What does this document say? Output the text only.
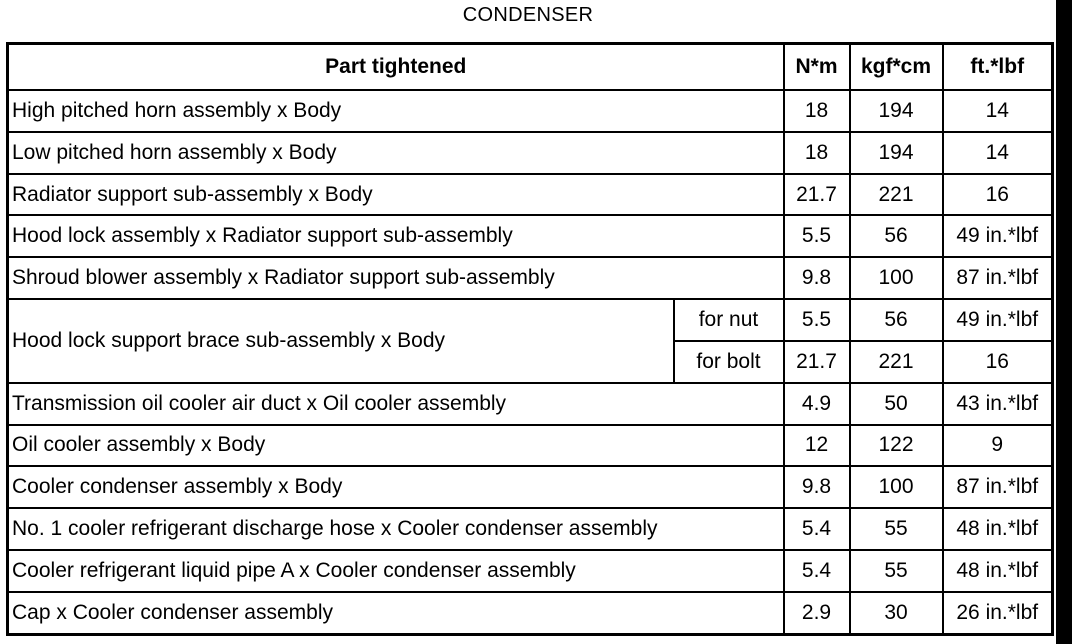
CONDENSER
Part tightened		N*m	kgf*cm	ft.*lbf
High pitched horn assembly x Body		18	194	14
Low pitched horn assembly x Body		18	194	14
Radiator support sub-assembly x Body		21.7	221	16
Hood lock assembly x Radiator support sub-assembly		5.5	56	49 in.*lbf
Shroud blower assembly x Radiator support sub-assembly		9.8	100	87 in.*lbf
Hood lock support brace sub-assembly x Body	for nut	5.5	56	49 in.*lbf
	for bolt	21.7	221	16
Transmission oil cooler air duct x Oil cooler assembly		4.9	50	43 in.*lbf
Oil cooler assembly x Body		12	122	9
Cooler condenser assembly x Body		9.8	100	87 in.*lbf
No. 1 cooler refrigerant discharge hose x Cooler condenser assembly		5.4	55	48 in.*lbf
Cooler refrigerant liquid pipe A x Cooler condenser assembly		5.4	55	48 in.*lbf
Cap x Cooler condenser assembly		2.9	30	26 in.*lbf
